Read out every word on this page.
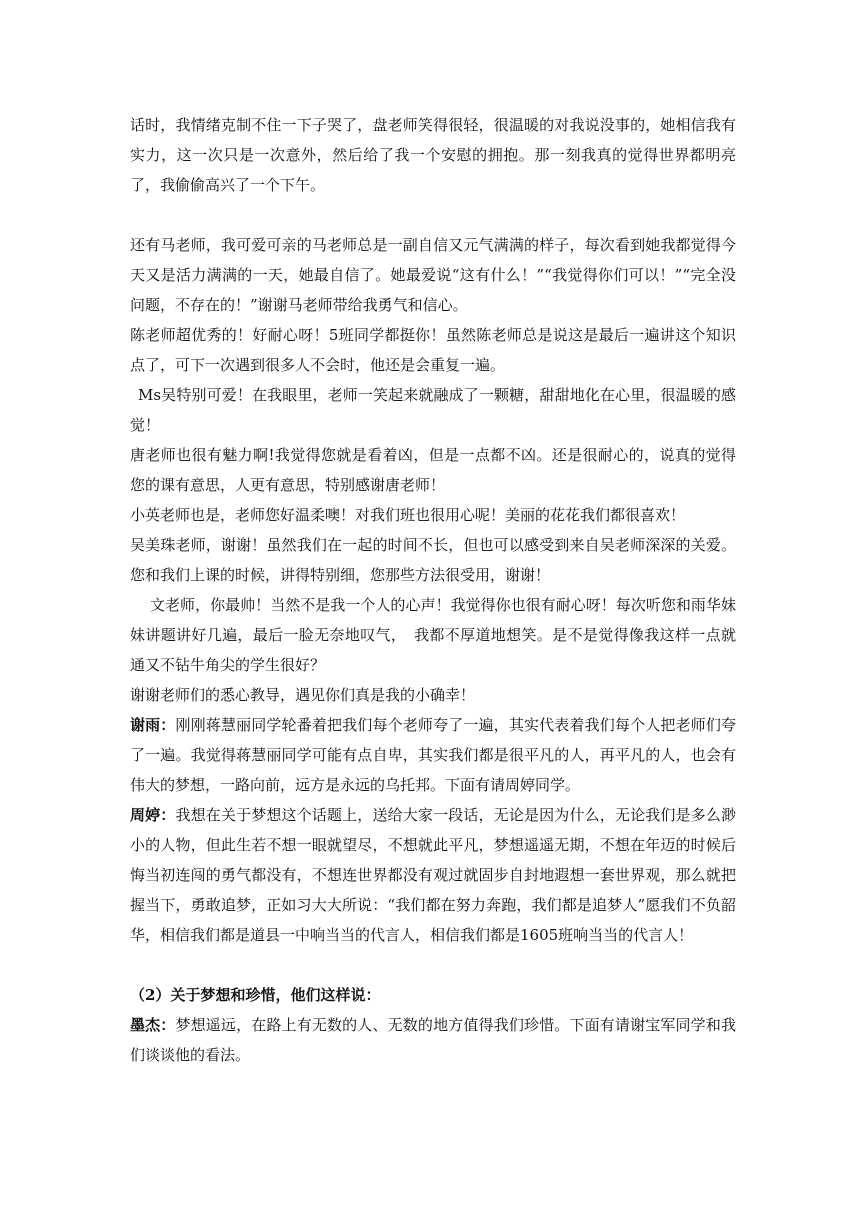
话时，我情绪克制不住一下子哭了，盘老师笑得很轻，很温暖的对我说没事的，她相信我有实力，这一次只是一次意外，然后给了我一个安慰的拥抱。那一刻我真的觉得世界都明亮了，我偷偷高兴了一个下午。

还有马老师，我可爱可亲的马老师总是一副自信又元气满满的样子，每次看到她我都觉得今天又是活力满满的一天，她最自信了。她最爱说“这有什么！”“我觉得你们可以！”“完全没问题，不存在的！”谢谢马老师带给我勇气和信心。

陈老师超优秀的！好耐心呀！5班同学都挺你！虽然陈老师总是说这是最后一遍讲这个知识点了，可下一次遇到很多人不会时，他还是会重复一遍。

Ms吴特别可爱！在我眼里，老师一笑起来就融成了一颗糖，甜甜地化在心里，很温暖的感觉！

唐老师也很有魅力啊!我觉得您就是看着凶，但是一点都不凶。还是很耐心的，说真的觉得您的课有意思，人更有意思，特别感谢唐老师！

小英老师也是，老师您好温柔噢！对我们班也很用心呢！美丽的花花我们都很喜欢！

吴美珠老师，谢谢！虽然我们在一起的时间不长，但也可以感受到来自吴老师深深的关爱。您和我们上课的时候，讲得特别细，您那些方法很受用，谢谢！

文老师，你最帅！当然不是我一个人的心声！我觉得你也很有耐心呀！每次听您和雨华妹妹讲题讲好几遍，最后一脸无奈地叹气，　我都不厚道地想笑。是不是觉得像我这样一点就通又不钻牛角尖的学生很好？

谢谢老师们的悉心教导，遇见你们真是我的小确幸！

谢雨：刚刚蒋慧丽同学轮番着把我们每个老师夸了一遍，其实代表着我们每个人把老师们夸了一遍。我觉得蒋慧丽同学可能有点自卑，其实我们都是很平凡的人，再平凡的人，也会有伟大的梦想，一路向前，远方是永远的乌托邦。下面有请周婷同学。

周婷：我想在关于梦想这个话题上，送给大家一段话，无论是因为什么，无论我们是多么渺小的人物，但此生若不想一眼就望尽，不想就此平凡，梦想遥遥无期，不想在年迈的时候后悔当初连闯的勇气都没有，不想连世界都没有观过就固步自封地遐想一套世界观，那么就把握当下，勇敢追梦，正如习大大所说：“我们都在努力奔跑，我们都是追梦人”愿我们不负韶华，相信我们都是道县一中响当当的代言人，相信我们都是1605班响当当的代言人！

（2）关于梦想和珍惜，他们这样说：

墨杰：梦想遥远，在路上有无数的人、无数的地方值得我们珍惜。下面有请谢宝军同学和我们谈谈他的看法。
